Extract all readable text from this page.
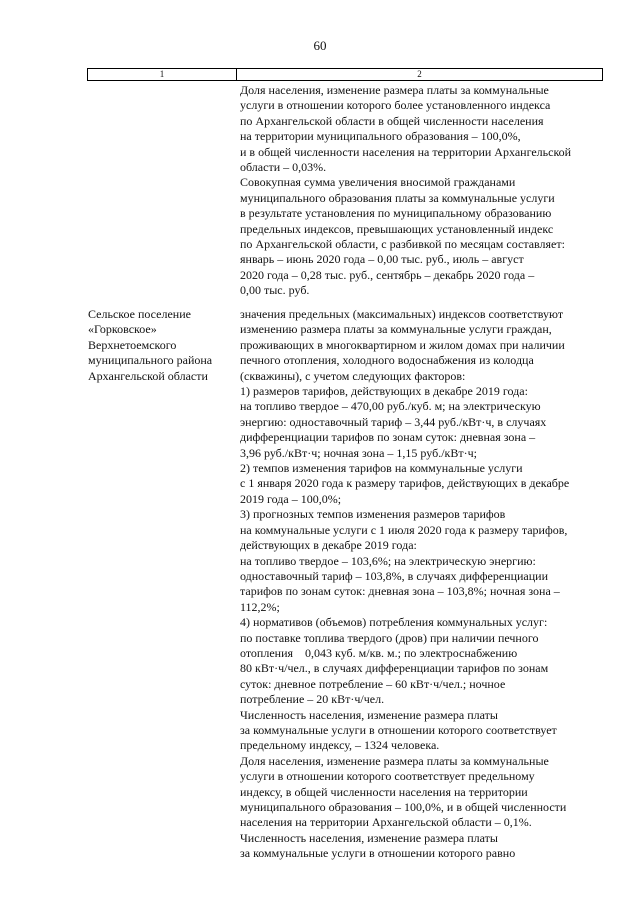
60
1	2
Доля населения, изменение размера платы за коммунальные
услуги в отношении которого более установленного индекса
по Архангельской области в общей численности населения
на территории муниципального образования – 100,0%,
и в общей численности населения на территории Архангельской
области – 0,03%.
Совокупная сумма увеличения вносимой гражданами
муниципального образования платы за коммунальные услуги
в результате установления по муниципальному образованию
предельных индексов, превышающих установленный индекс
по Архангельской области, с разбивкой по месяцам составляет:
январь – июнь 2020 года – 0,00 тыс. руб., июль – август
2020 года – 0,28 тыс. руб., сентябрь – декабрь 2020 года –
0,00 тыс. руб.
Сельское поселение
«Горковское»
Верхнетоемского
муниципального района
Архангельской области
значения предельных (максимальных) индексов соответствуют
изменению размера платы за коммунальные услуги граждан,
проживающих в многоквартирном и жилом домах при наличии
печного отопления, холодного водоснабжения из колодца
(скважины), с учетом следующих факторов:
1) размеров тарифов, действующих в декабре 2019 года:
на топливо твердое – 470,00 руб./куб. м; на электрическую
энергию: одноставочный тариф – 3,44 руб./кВт·ч, в случаях
дифференциации тарифов по зонам суток: дневная зона –
3,96 руб./кВт·ч; ночная зона – 1,15 руб./кВт·ч;
2) темпов изменения тарифов на коммунальные услуги
с 1 января 2020 года к размеру тарифов, действующих в декабре
2019 года – 100,0%;
3) прогнозных темпов изменения размеров тарифов
на коммунальные услуги с 1 июля 2020 года к размеру тарифов,
действующих в декабре 2019 года:
на топливо твердое – 103,6%; на электрическую энергию:
одноставочный тариф – 103,8%, в случаях дифференциации
тарифов по зонам суток: дневная зона – 103,8%; ночная зона –
112,2%;
4) нормативов (объемов) потребления коммунальных услуг:
по поставке топлива твердого (дров) при наличии печного
отопления    0,043 куб. м/кв. м.; по электроснабжению
80 кВт·ч/чел., в случаях дифференциации тарифов по зонам
суток: дневное потребление – 60 кВт·ч/чел.; ночное
потребление – 20 кВт·ч/чел.
Численность населения, изменение размера платы
за коммунальные услуги в отношении которого соответствует
предельному индексу, – 1324 человека.
Доля населения, изменение размера платы за коммунальные
услуги в отношении которого соответствует предельному
индексу, в общей численности населения на территории
муниципального образования – 100,0%, и в общей численности
населения на территории Архангельской области – 0,1%.
Численность населения, изменение размера платы
за коммунальные услуги в отношении которого равно
